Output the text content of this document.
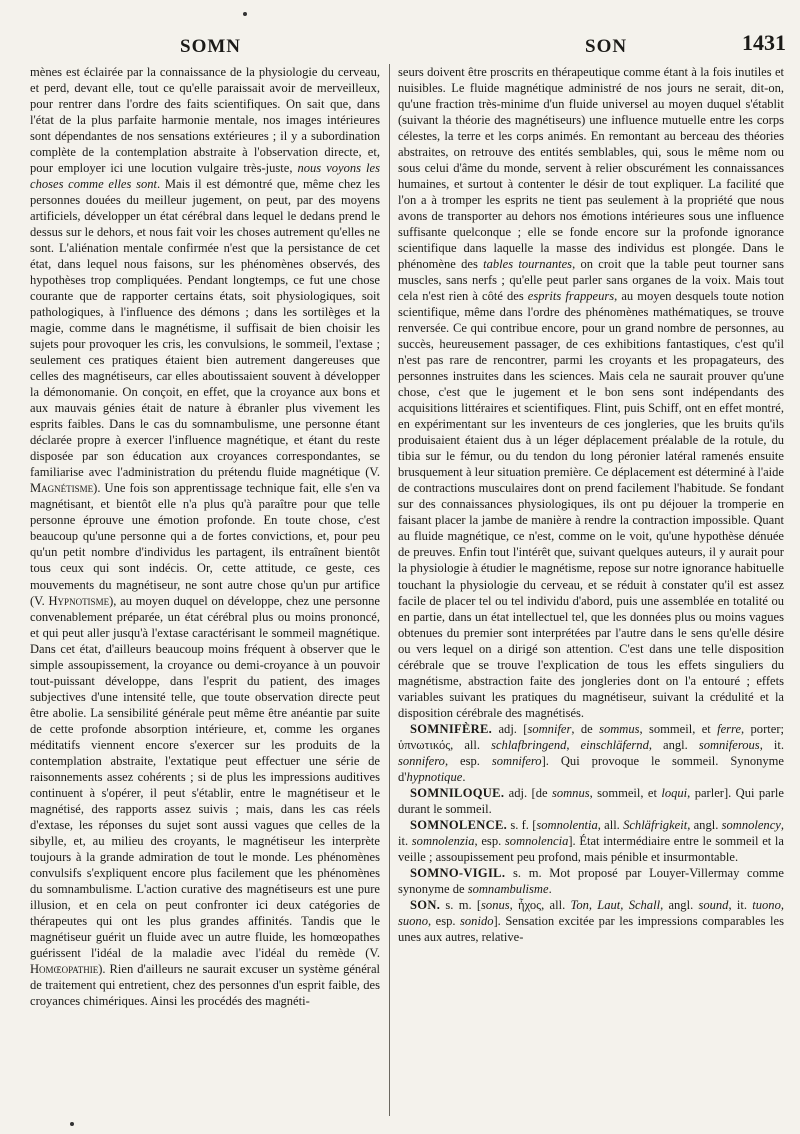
SOMN	SON	1431

mènes est éclairée par la connaissance de la physiologie du cerveau, et perd, devant elle, tout ce qu'elle paraissait avoir de merveilleux, pour rentrer dans l'ordre des faits scientifiques. On sait que, dans l'état de la plus parfaite harmonie mentale, nos images intérieures sont dépendantes de nos sensations extérieures ; il y a subordination complète de la contemplation abstraite à l'observation directe, et, pour employer ici une locution vulgaire très-juste, nous voyons les choses comme elles sont. Mais il est démontré que, même chez les personnes douées du meilleur jugement, on peut, par des moyens artificiels, développer un état cérébral dans lequel le dedans prend le dessus sur le dehors, et nous fait voir les choses autrement qu'elles ne sont. L'aliénation mentale confirmée n'est que la persistance de cet état, dans lequel nous faisons, sur les phénomènes observés, des hypothèses trop compliquées. Pendant longtemps, ce fut une chose courante que de rapporter certains états, soit physiologiques, soit pathologiques, à l'influence des démons ; dans les sortilèges et la magie, comme dans le magnétisme, il suffisait de bien choisir les sujets pour provoquer les cris, les convulsions, le sommeil, l'extase ; seulement ces pratiques étaient bien autrement dangereuses que celles des magnétiseurs, car elles aboutissaient souvent à développer la démonomanie. On conçoit, en effet, que la croyance aux bons et aux mauvais génies était de nature à ébranler plus vivement les esprits faibles. Dans le cas du somnambulisme, une personne étant déclarée propre à exercer l'influence magnétique, et étant du reste disposée par son éducation aux croyances correspondantes, se familiarise avec l'administration du prétendu fluide magnétique (V. Magnétisme). Une fois son apprentissage technique fait, elle s'en va magnétisant, et bientôt elle n'a plus qu'à paraître pour que telle personne éprouve une émotion profonde. En toute chose, c'est beaucoup qu'une personne qui a de fortes convictions, et, pour peu qu'un petit nombre d'individus les partagent, ils entraînent bientôt tous ceux qui sont indécis. Or, cette attitude, ce geste, ces mouvements du magnétiseur, ne sont autre chose qu'un pur artifice (V. Hypnotisme), au moyen duquel on développe, chez une personne convenablement préparée, un état cérébral plus ou moins prononcé, et qui peut aller jusqu'à l'extase caractérisant le sommeil magnétique. Dans cet état, d'ailleurs beaucoup moins fréquent à observer que le simple assoupissement, la croyance ou demi-croyance à un pouvoir tout-puissant développe, dans l'esprit du patient, des images subjectives d'une intensité telle, que toute observation directe peut être abolie. La sensibilité générale peut même être anéantie par suite de cette profonde absorption intérieure, et, comme les organes méditatifs viennent encore s'exercer sur les produits de la contemplation abstraite, l'extatique peut effectuer une série de raisonnements assez cohérents ; si de plus les impressions auditives continuent à s'opérer, il peut s'établir, entre le magnétiseur et le magnétisé, des rapports assez suivis ; mais, dans les cas réels d'extase, les réponses du sujet sont aussi vagues que celles de la sibylle, et, au milieu des croyants, le magnétiseur les interprète toujours à la grande admiration de tout le monde. Les phénomènes convulsifs s'expliquent encore plus facilement que les phénomènes du somnambulisme. L'action curative des magnétiseurs est une pure illusion, et en cela on peut confronter ici deux catégories de thérapeutes qui ont les plus grandes affinités. Tandis que le magnétiseur guérit un fluide avec un autre fluide, les homœopathes guérissent l'idéal de la maladie avec l'idéal du remède (V. Homœopathie). Rien d'ailleurs ne saurait excuser un système général de traitement qui entretient, chez des personnes d'un esprit faible, des croyances chimériques. Ainsi les procédés des magnéti-

seurs doivent être proscrits en thérapeutique comme étant à la fois inutiles et nuisibles. Le fluide magnétique administré de nos jours ne serait, dit-on, qu'une fraction très-minime d'un fluide universel au moyen duquel s'établit (suivant la théorie des magnétiseurs) une influence mutuelle entre les corps célestes, la terre et les corps animés. En remontant au berceau des théories abstraites, on retrouve des entités semblables, qui, sous le même nom ou sous celui d'âme du monde, servent à relier obscurément les connaissances humaines, et surtout à contenter le désir de tout expliquer. La facilité que l'on a à tromper les esprits ne tient pas seulement à la propriété que nous avons de transporter au dehors nos émotions intérieures sous une influence suffisante quelconque ; elle se fonde encore sur la profonde ignorance scientifique dans laquelle la masse des individus est plongée. Dans le phénomène des tables tournantes, on croit que la table peut tourner sans muscles, sans nerfs ; qu'elle peut parler sans organes de la voix. Mais tout cela n'est rien à côté des esprits frappeurs, au moyen desquels toute notion scientifique, même dans l'ordre des phénomènes mathématiques, se trouve renversée. Ce qui contribue encore, pour un grand nombre de personnes, au succès, heureusement passager, de ces exhibitions fantastiques, c'est qu'il n'est pas rare de rencontrer, parmi les croyants et les propagateurs, des personnes instruites dans les sciences. Mais cela ne saurait prouver qu'une chose, c'est que le jugement et le bon sens sont indépendants des acquisitions littéraires et scientifiques. Flint, puis Schiff, ont en effet montré, en expérimentant sur les inventeurs de ces jongleries, que les bruits qu'ils produisaient étaient dus à un léger déplacement préalable de la rotule, du tibia sur le fémur, ou du tendon du long péronier latéral ramenés ensuite brusquement à leur situation première. Ce déplacement est déterminé à l'aide de contractions musculaires dont on prend facilement l'habitude. Se fondant sur des connaissances physiologiques, ils ont pu déjouer la tromperie en faisant placer la jambe de manière à rendre la contraction impossible. Quant au fluide magnétique, ce n'est, comme on le voit, qu'une hypothèse dénuée de preuves. Enfin tout l'intérêt que, suivant quelques auteurs, il y aurait pour la physiologie à étudier le magnétisme, repose sur notre ignorance habituelle touchant la physiologie du cerveau, et se réduit à constater qu'il est assez facile de placer tel ou tel individu d'abord, puis une assemblée en totalité ou en partie, dans un état intellectuel tel, que les données plus ou moins vagues obtenues du premier sont interprétées par l'autre dans le sens qu'elle désire ou vers lequel on a dirigé son attention. C'est dans une telle disposition cérébrale que se trouve l'explication de tous les effets singuliers du magnétisme, abstraction faite des jongleries dont on l'a entouré ; effets variables suivant les pratiques du magnétiseur, suivant la crédulité et la disposition cérébrale des magnétisés.

SOMNIFÈRE. adj. [somnifer, de sommus, sommeil, et ferre, porter; ὑπνωτικός, all. schlafbringend, einschläfernd, angl. somniferous, it. sonnifero, esp. somnifero]. Qui provoque le sommeil. Synonyme d'hypnotique.

SOMNILOQUE. adj. [de somnus, sommeil, et loqui, parler]. Qui parle durant le sommeil.

SOMNOLENCE. s. f. [somnolentia, all. Schläfrigkeit, angl. somnolency, it. somnolenzia, esp. somnolencia]. État intermédiaire entre le sommeil et la veille ; assoupissement peu profond, mais pénible et insurmontable.

SOMNO-VIGIL. s. m. Mot proposé par Louyer-Villermay comme synonyme de somnambulisme.

SON. s. m. [sonus, ἦχος, all. Ton, Laut, Schall, angl. sound, it. tuono, suono, esp. sonido]. Sensation excitée par les impressions comparables les unes aux autres, relative-
